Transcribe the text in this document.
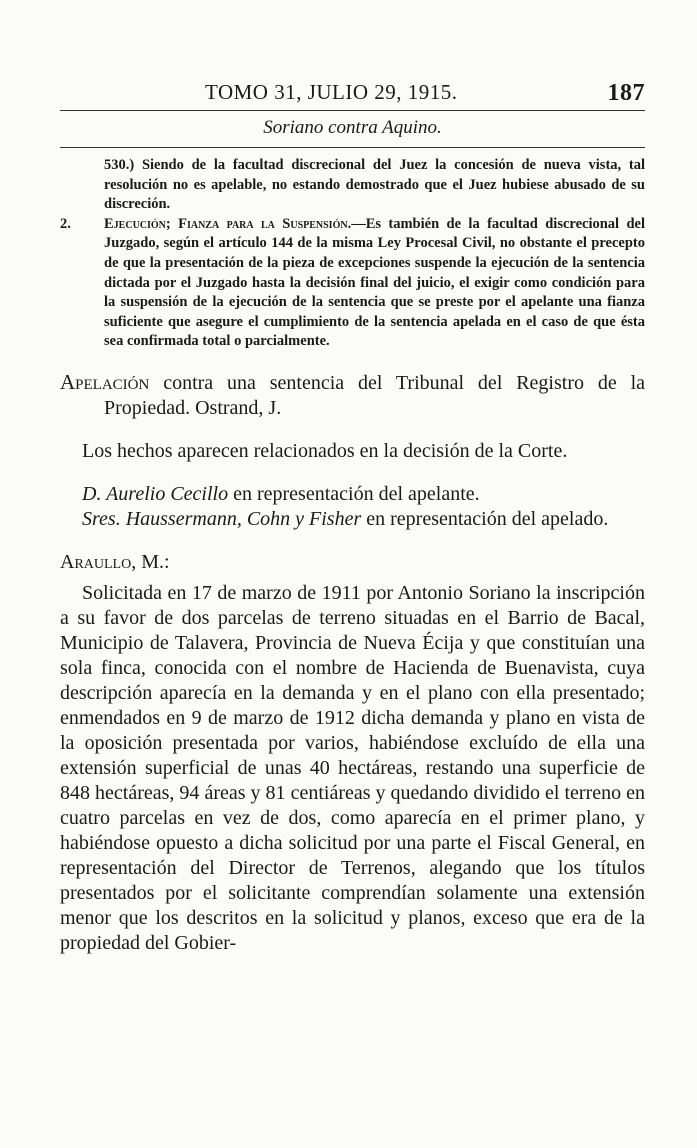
TOMO 31, JULIO 29, 1915.	187
Soriano contra Aquino.

530.) Siendo de la facultad discrecional del Juez la concesión de nueva vista, tal resolución no es apelable, no estando demostrado que el Juez hubiese abusado de su discreción.

2. Ejecución; Fianza para la Suspensión.—Es también de la facultad discrecional del Juzgado, según el artículo 144 de la misma Ley Procesal Civil, no obstante el precepto de que la presentación de la pieza de excepciones suspende la ejecución de la sentencia dictada por el Juzgado hasta la decisión final del juicio, el exigir como condición para la suspensión de la ejecución de la sentencia que se preste por el apelante una fianza suficiente que asegure el cumplimiento de la sentencia apelada en el caso de que ésta sea confirmada total o parcialmente.

Apelación contra una sentencia del Tribunal del Registro de la Propiedad. Ostrand, J.

Los hechos aparecen relacionados en la decisión de la Corte.

D. Aurelio Cecillo en representación del apelante.

Sres. Haussermann, Cohn y Fisher en representación del apelado.

Araullo, M.:

Solicitada en 17 de marzo de 1911 por Antonio Soriano la inscripción a su favor de dos parcelas de terreno situadas en el Barrio de Bacal, Municipio de Talavera, Provincia de Nueva Écija y que constituían una sola finca, conocida con el nombre de Hacienda de Buenavista, cuya descripción aparecía en la demanda y en el plano con ella presentado; enmendados en 9 de marzo de 1912 dicha demanda y plano en vista de la oposición presentada por varios, habiéndose excluído de ella una extensión superficial de unas 40 hectáreas, restando una superficie de 848 hectáreas, 94 áreas y 81 centiáreas y quedando dividido el terreno en cuatro parcelas en vez de dos, como aparecía en el primer plano, y habiéndose opuesto a dicha solicitud por una parte el Fiscal General, en representación del Director de Terrenos, alegando que los títulos presentados por el solicitante comprendían solamente una extensión menor que los descritos en la solicitud y planos, exceso que era de la propiedad del Gobier-
